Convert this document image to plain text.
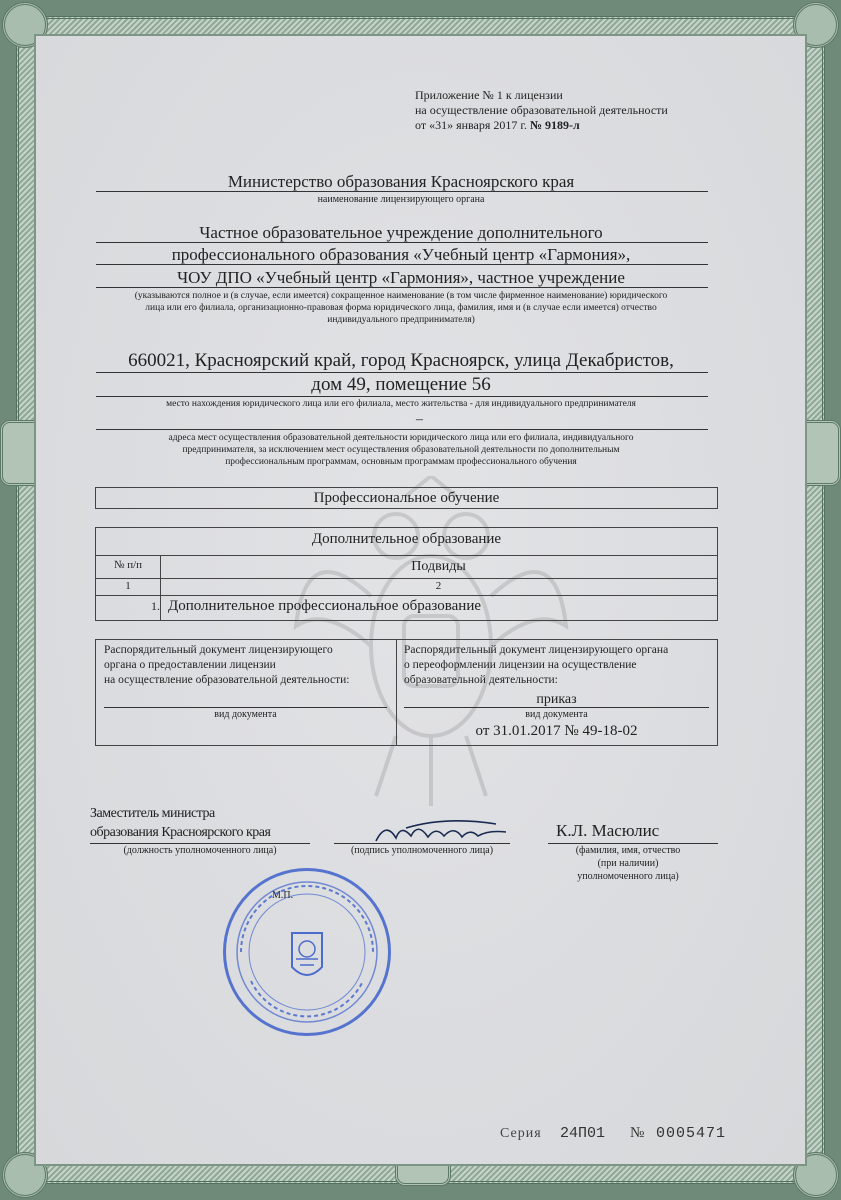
Приложение № 1 к лицензии
на осуществление образовательной деятельности
от «31» января 2017 г. № 9189-л
Министерство образования Красноярского края
наименование лицензирующего органа
Частное образовательное учреждение дополнительного
профессионального образования «Учебный центр «Гармония»,
ЧОУ ДПО «Учебный центр «Гармония», частное учреждение
(указываются полное и (в случае, если имеется) сокращенное наименование (в том числе фирменное наименование) юридического
лица или его филиала, организационно-правовая форма юридического лица, фамилия, имя и (в случае если имеется) отчество
индивидуального предпринимателя)
660021, Красноярский край, город Красноярск, улица Декабристов,
дом 49, помещение 56
место нахождения юридического лица или его филиала, место жительства - для индивидуального предпринимателя
–
адреса мест осуществления образовательной деятельности юридического лица или его филиала, индивидуального
предпринимателя, за исключением мест осуществления образовательной деятельности по дополнительным
профессиональным программам, основным программам профессионального обучения
Профессиональное обучение
Дополнительное образование
№ п/п	Подвиды
1	2
1. Дополнительное профессиональное образование
Распорядительный документ лицензирующего
органа о предоставлении лицензии
на осуществление образовательной деятельности:
вид документа
Распорядительный документ лицензирующего органа
о переоформлении лицензии на осуществление
образовательной деятельности:
приказ
вид документа
от 31.01.2017 № 49-18-02
Заместитель министра
образования Красноярского края
(должность уполномоченного лица)	(подпись уполномоченного лица)
К.Л. Масюлис
(фамилия, имя, отчество
(при наличии)
уполномоченного лица)
М.П.
Серия 24П01 № 0005471
